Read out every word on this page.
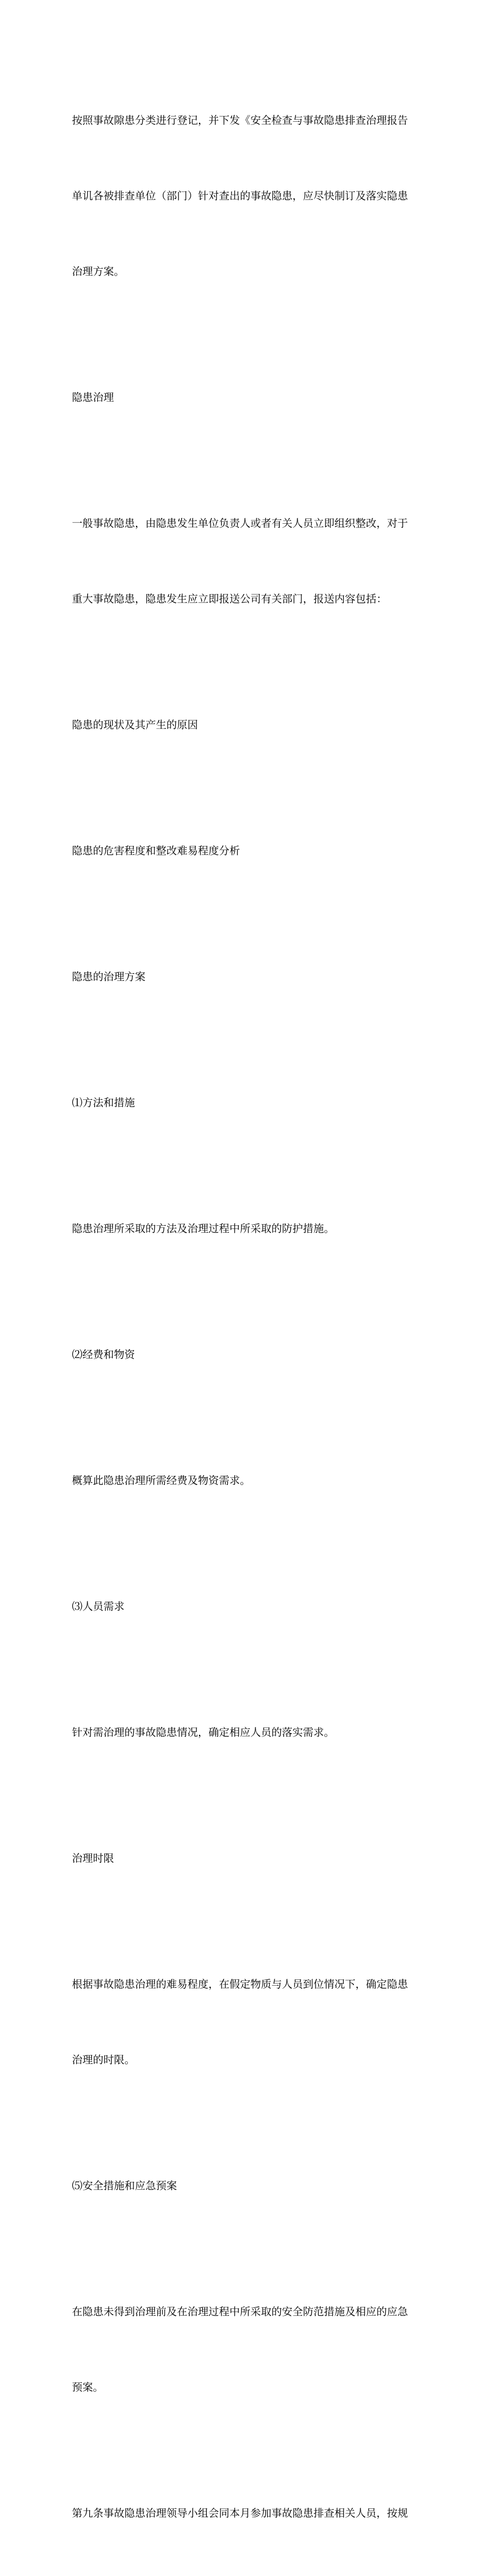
按照事故隙患分类进行登记，并下发《安全检查与事故隐患排查治理报告

单讥各被排查单位（部门）针对查出的事故隐患，应尽快制订及落实隐患

治理方案。

隐患治理

一般事故隐患，由隐患发生单位负责人或者有关人员立即组织整改，对于

重大事故隐患，隐患发生应立即报送公司有关部门，报送内容包括：

隐患的现状及其产生的原因

隐患的危害程度和整改难易程度分析

隐患的治理方案

⑴方法和措施

隐患治理所采取的方法及治理过程中所采取的防护措施。

⑵经费和物资

概算此隐患治理所需经费及物资需求。

⑶人员需求

针对需治理的事故隐患情况，确定相应人员的落实需求。

治理时限

根据事故隐患治理的难易程度，在假定物质与人员到位情况下，确定隐患

治理的时限。

⑸安全措施和应急预案

在隐患未得到治理前及在治理过程中所采取的安全防范措施及相应的应急

预案。

第九条事故隐患治理领导小组会同本月参加事故隐患排查相关人员，按规
